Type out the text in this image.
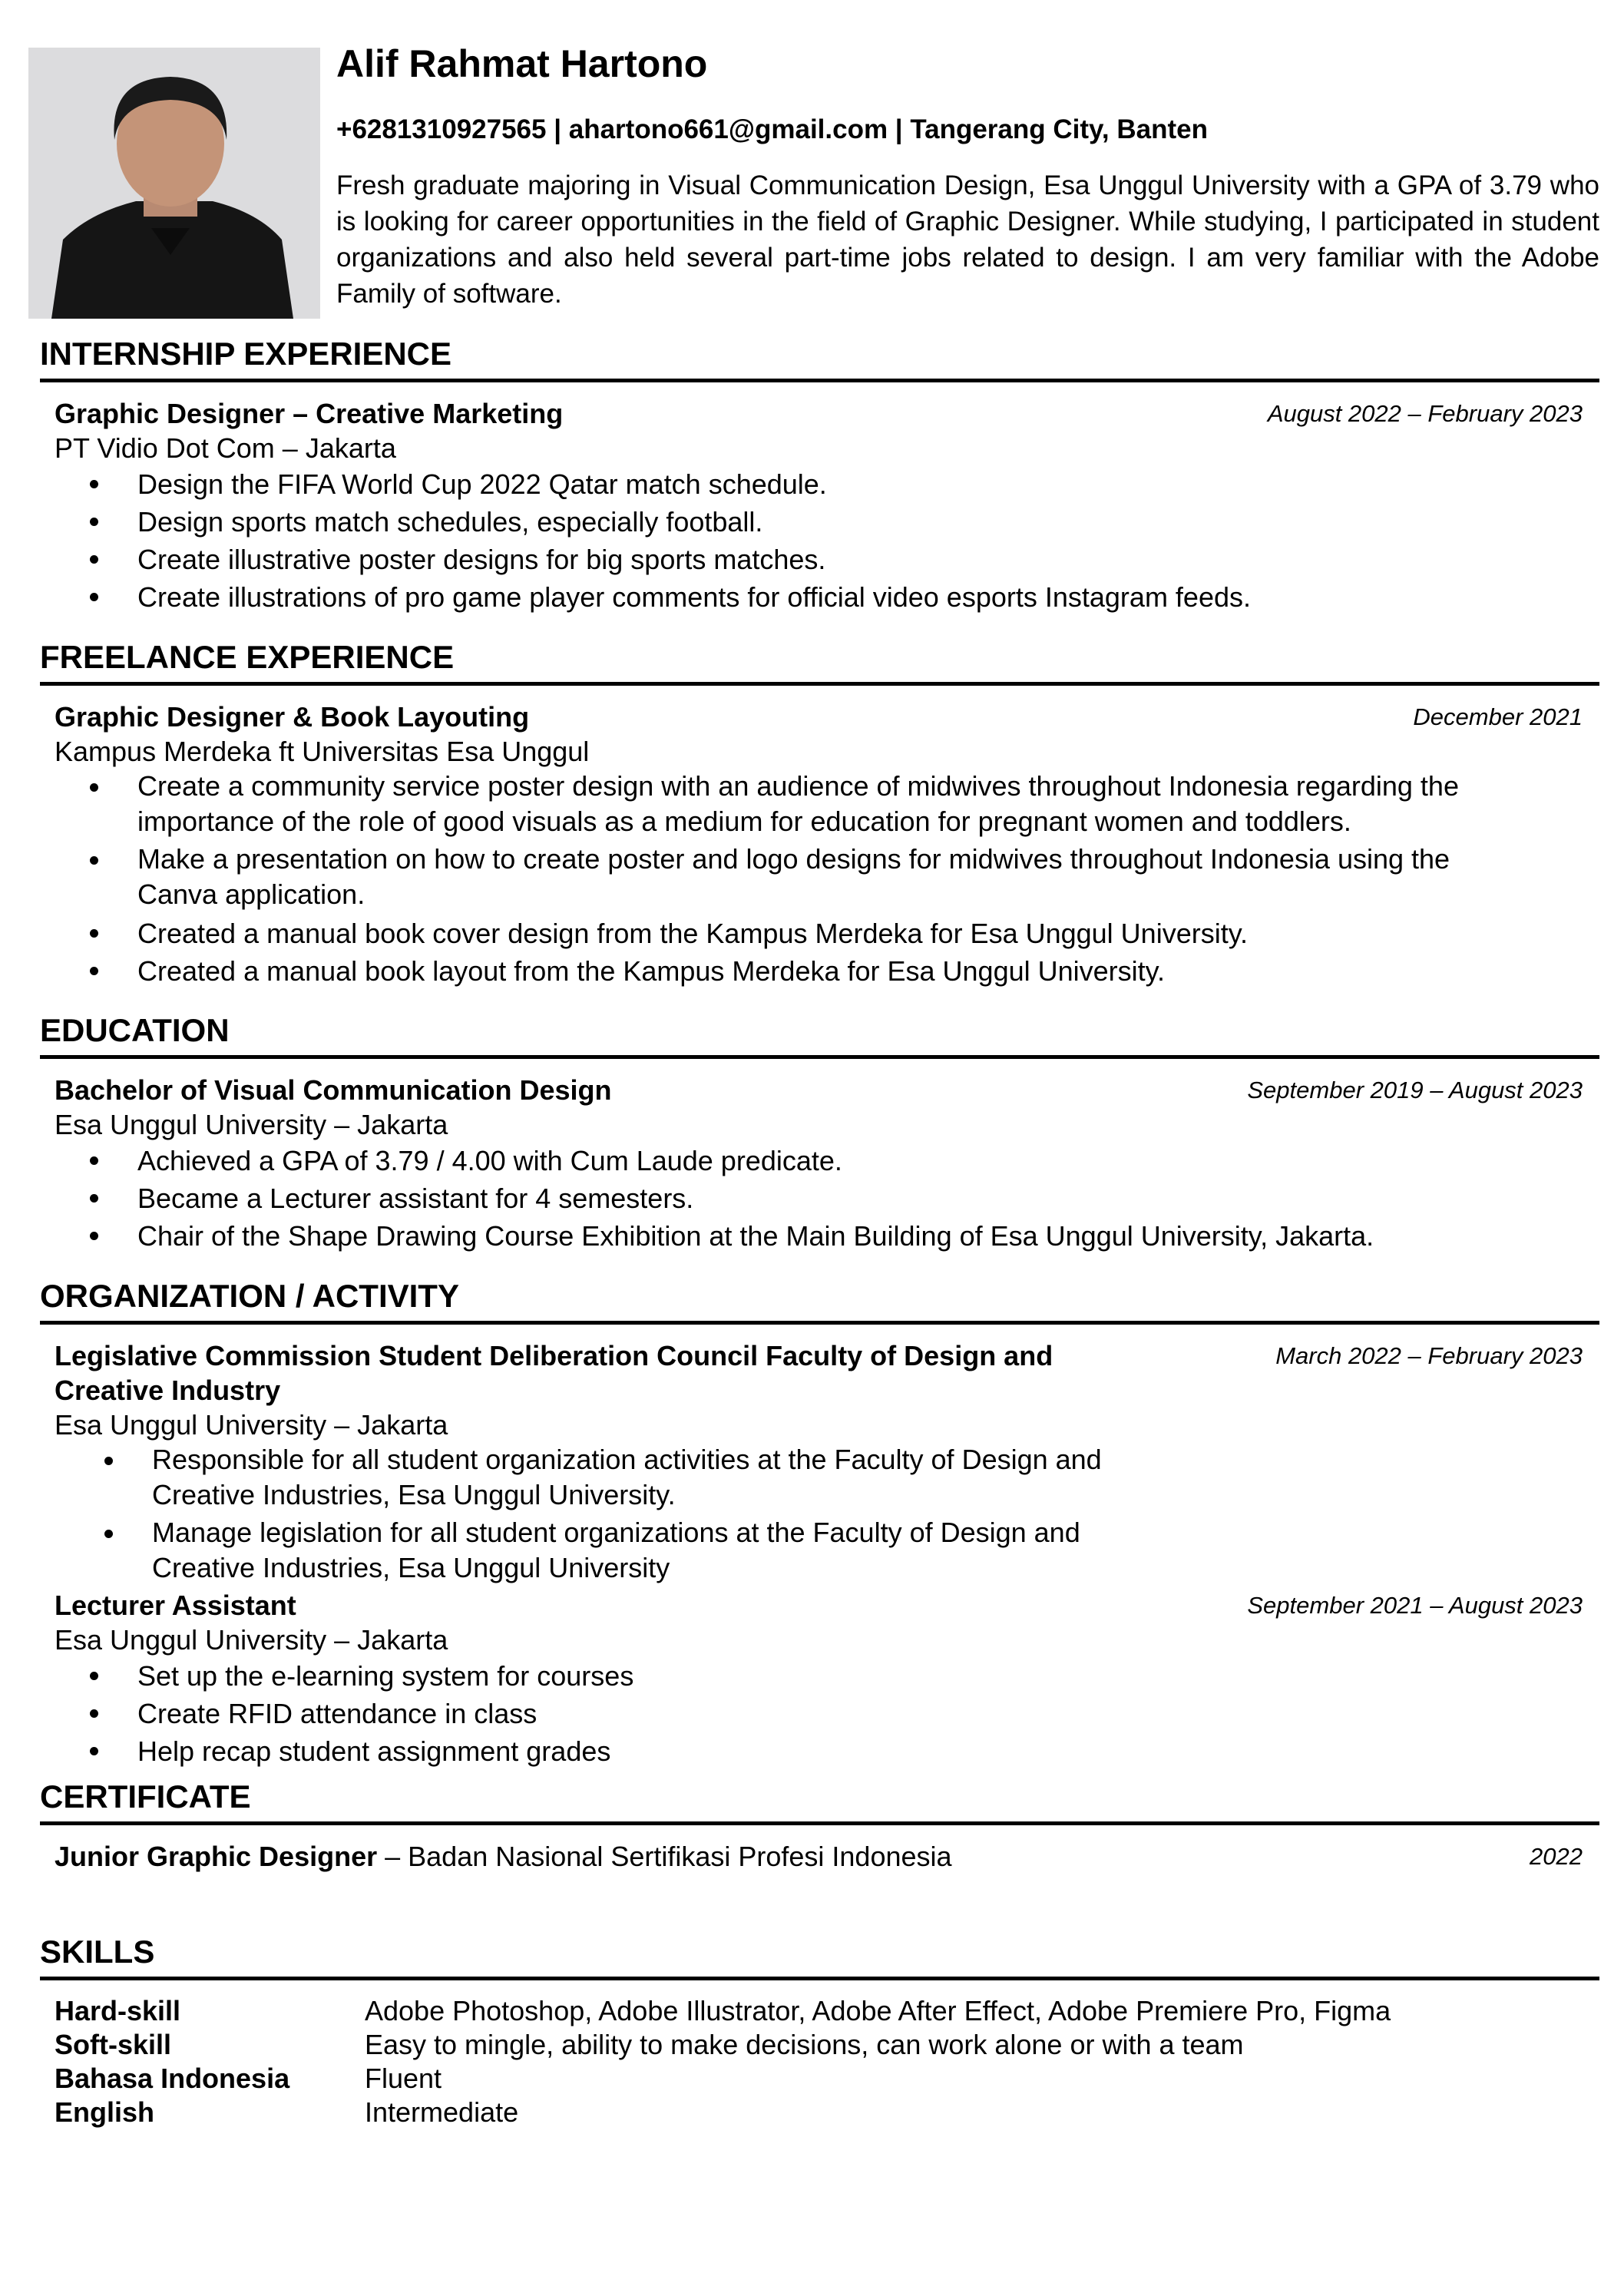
Alif Rahmat Hartono
+6281310927565 | ahartono661@gmail.com | Tangerang City, Banten
Fresh graduate majoring in Visual Communication Design, Esa Unggul University with a GPA of 3.79 who is looking for career opportunities in the field of Graphic Designer. While studying, I participated in student organizations and also held several part-time jobs related to design. I am very familiar with the Adobe Family of software.
INTERNSHIP EXPERIENCE
Graphic Designer – Creative Marketing	August 2022 – February 2023
PT Vidio Dot Com – Jakarta
Design the FIFA World Cup 2022 Qatar match schedule.
Design sports match schedules, especially football.
Create illustrative poster designs for big sports matches.
Create illustrations of pro game player comments for official video esports Instagram feeds.
FREELANCE EXPERIENCE
Graphic Designer & Book Layouting	December 2021
Kampus Merdeka ft Universitas Esa Unggul
Create a community service poster design with an audience of midwives throughout Indonesia regarding the importance of the role of good visuals as a medium for education for pregnant women and toddlers.
Make a presentation on how to create poster and logo designs for midwives throughout Indonesia using the Canva application.
Created a manual book cover design from the Kampus Merdeka for Esa Unggul University.
Created a manual book layout from the Kampus Merdeka for Esa Unggul University.
EDUCATION
Bachelor of Visual Communication Design	September 2019 – August 2023
Esa Unggul University – Jakarta
Achieved a GPA of 3.79 / 4.00 with Cum Laude predicate.
Became a Lecturer assistant for 4 semesters.
Chair of the Shape Drawing Course Exhibition at the Main Building of Esa Unggul University, Jakarta.
ORGANIZATION / ACTIVITY
Legislative Commission Student Deliberation Council Faculty of Design and Creative Industry
March 2022 – February 2023
Esa Unggul University – Jakarta
Responsible for all student organization activities at the Faculty of Design and Creative Industries, Esa Unggul University.
Manage legislation for all student organizations at the Faculty of Design and Creative Industries, Esa Unggul University
Lecturer Assistant	September 2021 – August 2023
Esa Unggul University – Jakarta
Set up the e-learning system for courses
Create RFID attendance in class
Help recap student assignment grades
CERTIFICATE
Junior Graphic Designer – Badan Nasional Sertifikasi Profesi Indonesia	2022
SKILLS
Hard-skill	Adobe Photoshop, Adobe Illustrator, Adobe After Effect, Adobe Premiere Pro, Figma
Soft-skill	Easy to mingle, ability to make decisions, can work alone or with a team
Bahasa Indonesia	Fluent
English	Intermediate
